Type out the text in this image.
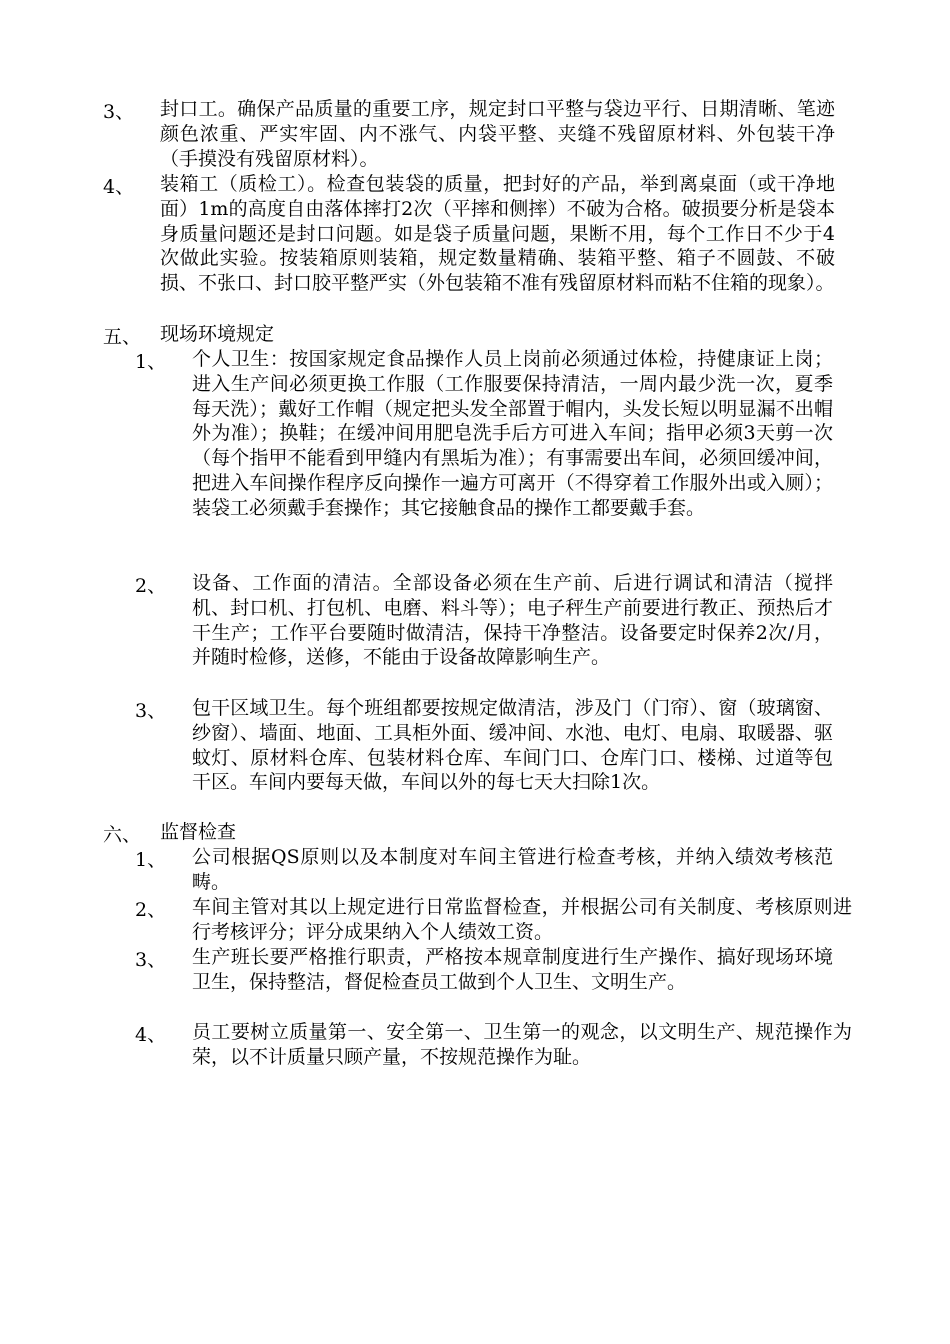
3、 封口工。确保产品质量的重要工序，规定封口平整与袋边平行、日期清晰、笔迹颜色浓重、严实牢固、内不涨气、内袋平整、夹缝不残留原材料、外包装干净（手摸没有残留原材料）。
4、 装箱工（质检工）。检查包装袋的质量，把封好的产品，举到离桌面（或干净地面）1m的高度自由落体摔打2次（平摔和侧摔）不破为合格。破损要分析是袋本身质量问题还是封口问题。如是袋子质量问题，果断不用，每个工作日不少于4次做此实验。按装箱原则装箱，规定数量精确、装箱平整、箱子不圆鼓、不破损、不张口、封口胶平整严实（外包装箱不准有残留原材料而粘不住箱的现象）。
五、 现场环境规定
1、 个人卫生：按国家规定食品操作人员上岗前必须通过体检，持健康证上岗；进入生产间必须更换工作服（工作服要保持清洁，一周内最少洗一次，夏季每天洗）；戴好工作帽（规定把头发全部置于帽内，头发长短以明显漏不出帽外为准）；换鞋；在缓冲间用肥皂洗手后方可进入车间；指甲必须3天剪一次（每个指甲不能看到甲缝内有黑垢为准）；有事需要出车间，必须回缓冲间，把进入车间操作程序反向操作一遍方可离开（不得穿着工作服外出或入厕）；装袋工必须戴手套操作；其它接触食品的操作工都要戴手套。
2、 设备、工作面的清洁。全部设备必须在生产前、后进行调试和清洁（搅拌机、封口机、打包机、电磨、料斗等）；电子秤生产前要进行教正、预热后才干生产；工作平台要随时做清洁，保持干净整洁。设备要定时保养2次/月，并随时检修，送修，不能由于设备故障影响生产。
3、 包干区域卫生。每个班组都要按规定做清洁，涉及门（门帘）、窗（玻璃窗、纱窗）、墙面、地面、工具柜外面、缓冲间、水池、电灯、电扇、取暖器、驱蚊灯、原材料仓库、包装材料仓库、车间门口、仓库门口、楼梯、过道等包干区。车间内要每天做，车间以外的每七天大扫除1次。
六、 监督检查
1、 公司根据QS原则以及本制度对车间主管进行检查考核，并纳入绩效考核范畴。
2、 车间主管对其以上规定进行日常监督检查，并根据公司有关制度、考核原则进行考核评分；评分成果纳入个人绩效工资。
3、 生产班长要严格推行职责，严格按本规章制度进行生产操作、搞好现场环境卫生，保持整洁，督促检查员工做到个人卫生、文明生产。
4、 员工要树立质量第一、安全第一、卫生第一的观念，以文明生产、规范操作为荣，以不计质量只顾产量，不按规范操作为耻。
